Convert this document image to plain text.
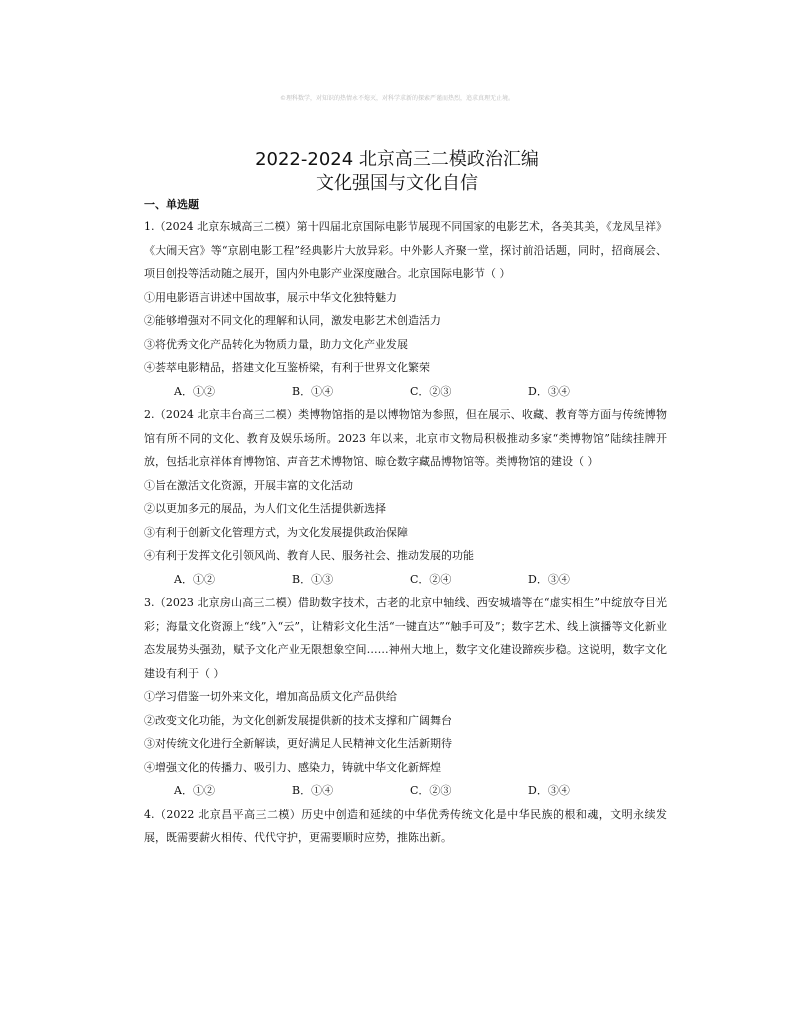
©理科数学，对知识的热情永不熄灭，对科学求新的探索严谨而热烈，追求真理无止境。
2022-2024 北京高三二模政治汇编
文化强国与文化自信
一、单选题

1.（2024 北京东城高三二模）第十四届北京国际电影节展现不同国家的电影艺术，各美其美，《龙凤呈祥》《大闹天宫》等“京剧电影工程”经典影片大放异彩。中外影人齐聚一堂，探讨前沿话题，同时，招商展会、项目创投等活动随之展开，国内外电影产业深度融合。北京国际电影节（ ）

①用电影语言讲述中国故事，展示中华文化独特魅力

②能够增强对不同文化的理解和认同，激发电影艺术创造活力

③将优秀文化产品转化为物质力量，助力文化产业发展

④荟萃电影精品，搭建文化互鉴桥梁，有利于世界文化繁荣

A．①②	B．①④	C．②③	D．③④

2.（2024 北京丰台高三二模）类博物馆指的是以博物馆为参照，但在展示、收藏、教育等方面与传统博物馆有所不同的文化、教育及娱乐场所。2023 年以来，北京市文物局积极推动多家“类博物馆”陆续挂牌开放，包括北京祥体育博物馆、声音艺术博物馆、晾仓数字藏品博物馆等。类博物馆的建设（ ）

①旨在激活文化资源，开展丰富的文化活动

②以更加多元的展品，为人们文化生活提供新选择

③有利于创新文化管理方式，为文化发展提供政治保障

④有利于发挥文化引领风尚、教育人民、服务社会、推动发展的功能

A．①②	B．①③	C．②④	D．③④

3.（2023 北京房山高三二模）借助数字技术，古老的北京中轴线、西安城墙等在“虚实相生”中绽放夺目光彩；海量文化资源上“线”入“云”，让精彩文化生活“一键直达”“触手可及”；数字艺术、线上演播等文化新业态发展势头强劲，赋予文化产业无限想象空间……神州大地上，数字文化建设蹄疾步稳。这说明，数字文化建设有利于（ ）

①学习借鉴一切外来文化，增加高品质文化产品供给

②改变文化功能，为文化创新发展提供新的技术支撑和广阔舞台

③对传统文化进行全新解读，更好满足人民精神文化生活新期待

④增强文化的传播力、吸引力、感染力，铸就中华文化新辉煌

A．①②	B．①④	C．②③	D．③④

4.（2022 北京昌平高三二模）历史中创造和延续的中华优秀传统文化是中华民族的根和魂，文明永续发展，既需要薪火相传、代代守护，更需要顺时应势，推陈出新。
